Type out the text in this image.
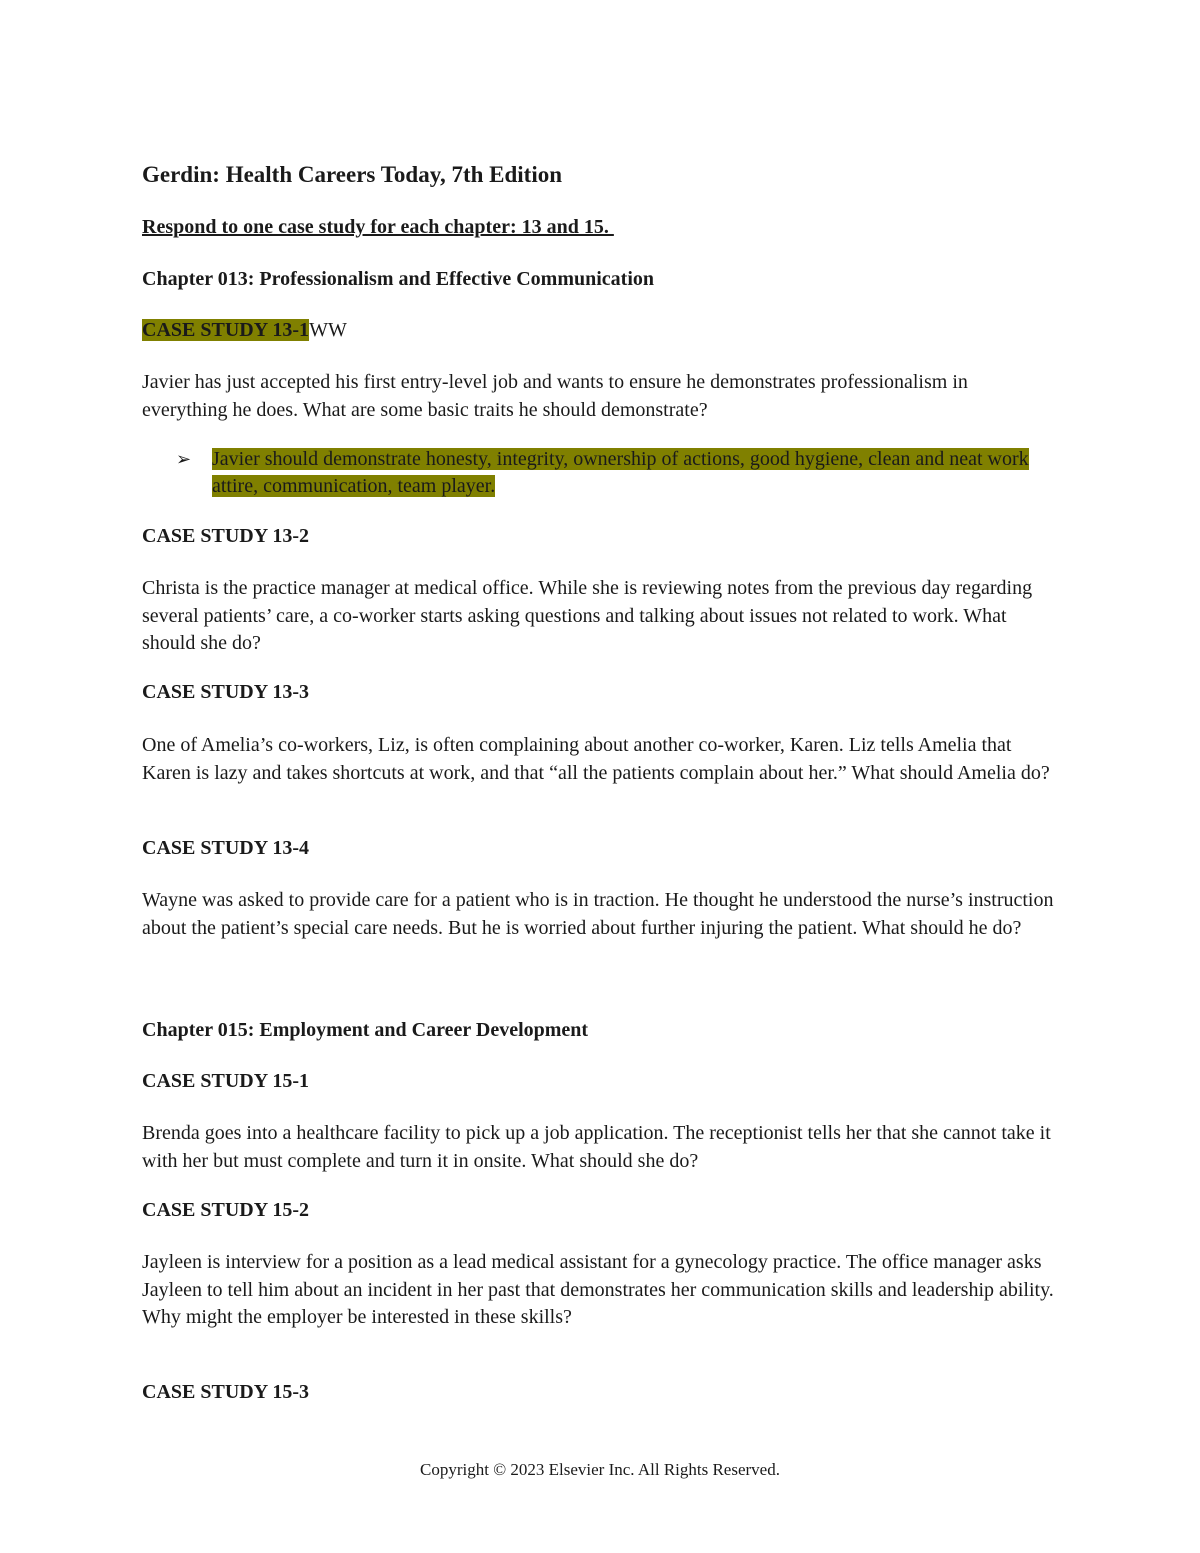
Gerdin: Health Careers Today, 7th Edition
Respond to one case study for each chapter: 13 and 15.
Chapter 013: Professionalism and Effective Communication
CASE STUDY 13-1WW
Javier has just accepted his first entry-level job and wants to ensure he demonstrates professionalism in everything he does. What are some basic traits he should demonstrate?
➢ Javier should demonstrate honesty, integrity, ownership of actions, good hygiene, clean and neat work attire, communication, team player.
CASE STUDY 13-2
Christa is the practice manager at medical office. While she is reviewing notes from the previous day regarding several patients’ care, a co-worker starts asking questions and talking about issues not related to work. What should she do?
CASE STUDY 13-3
One of Amelia’s co-workers, Liz, is often complaining about another co-worker, Karen. Liz tells Amelia that Karen is lazy and takes shortcuts at work, and that “all the patients complain about her.” What should Amelia do?
CASE STUDY 13-4
Wayne was asked to provide care for a patient who is in traction. He thought he understood the nurse’s instruction about the patient’s special care needs. But he is worried about further injuring the patient. What should he do?
Chapter 015: Employment and Career Development
CASE STUDY 15-1
Brenda goes into a healthcare facility to pick up a job application. The receptionist tells her that she cannot take it with her but must complete and turn it in onsite. What should she do?
CASE STUDY 15-2
Jayleen is interview for a position as a lead medical assistant for a gynecology practice. The office manager asks Jayleen to tell him about an incident in her past that demonstrates her communication skills and leadership ability. Why might the employer be interested in these skills?
CASE STUDY 15-3
Copyright © 2023 Elsevier Inc. All Rights Reserved.
